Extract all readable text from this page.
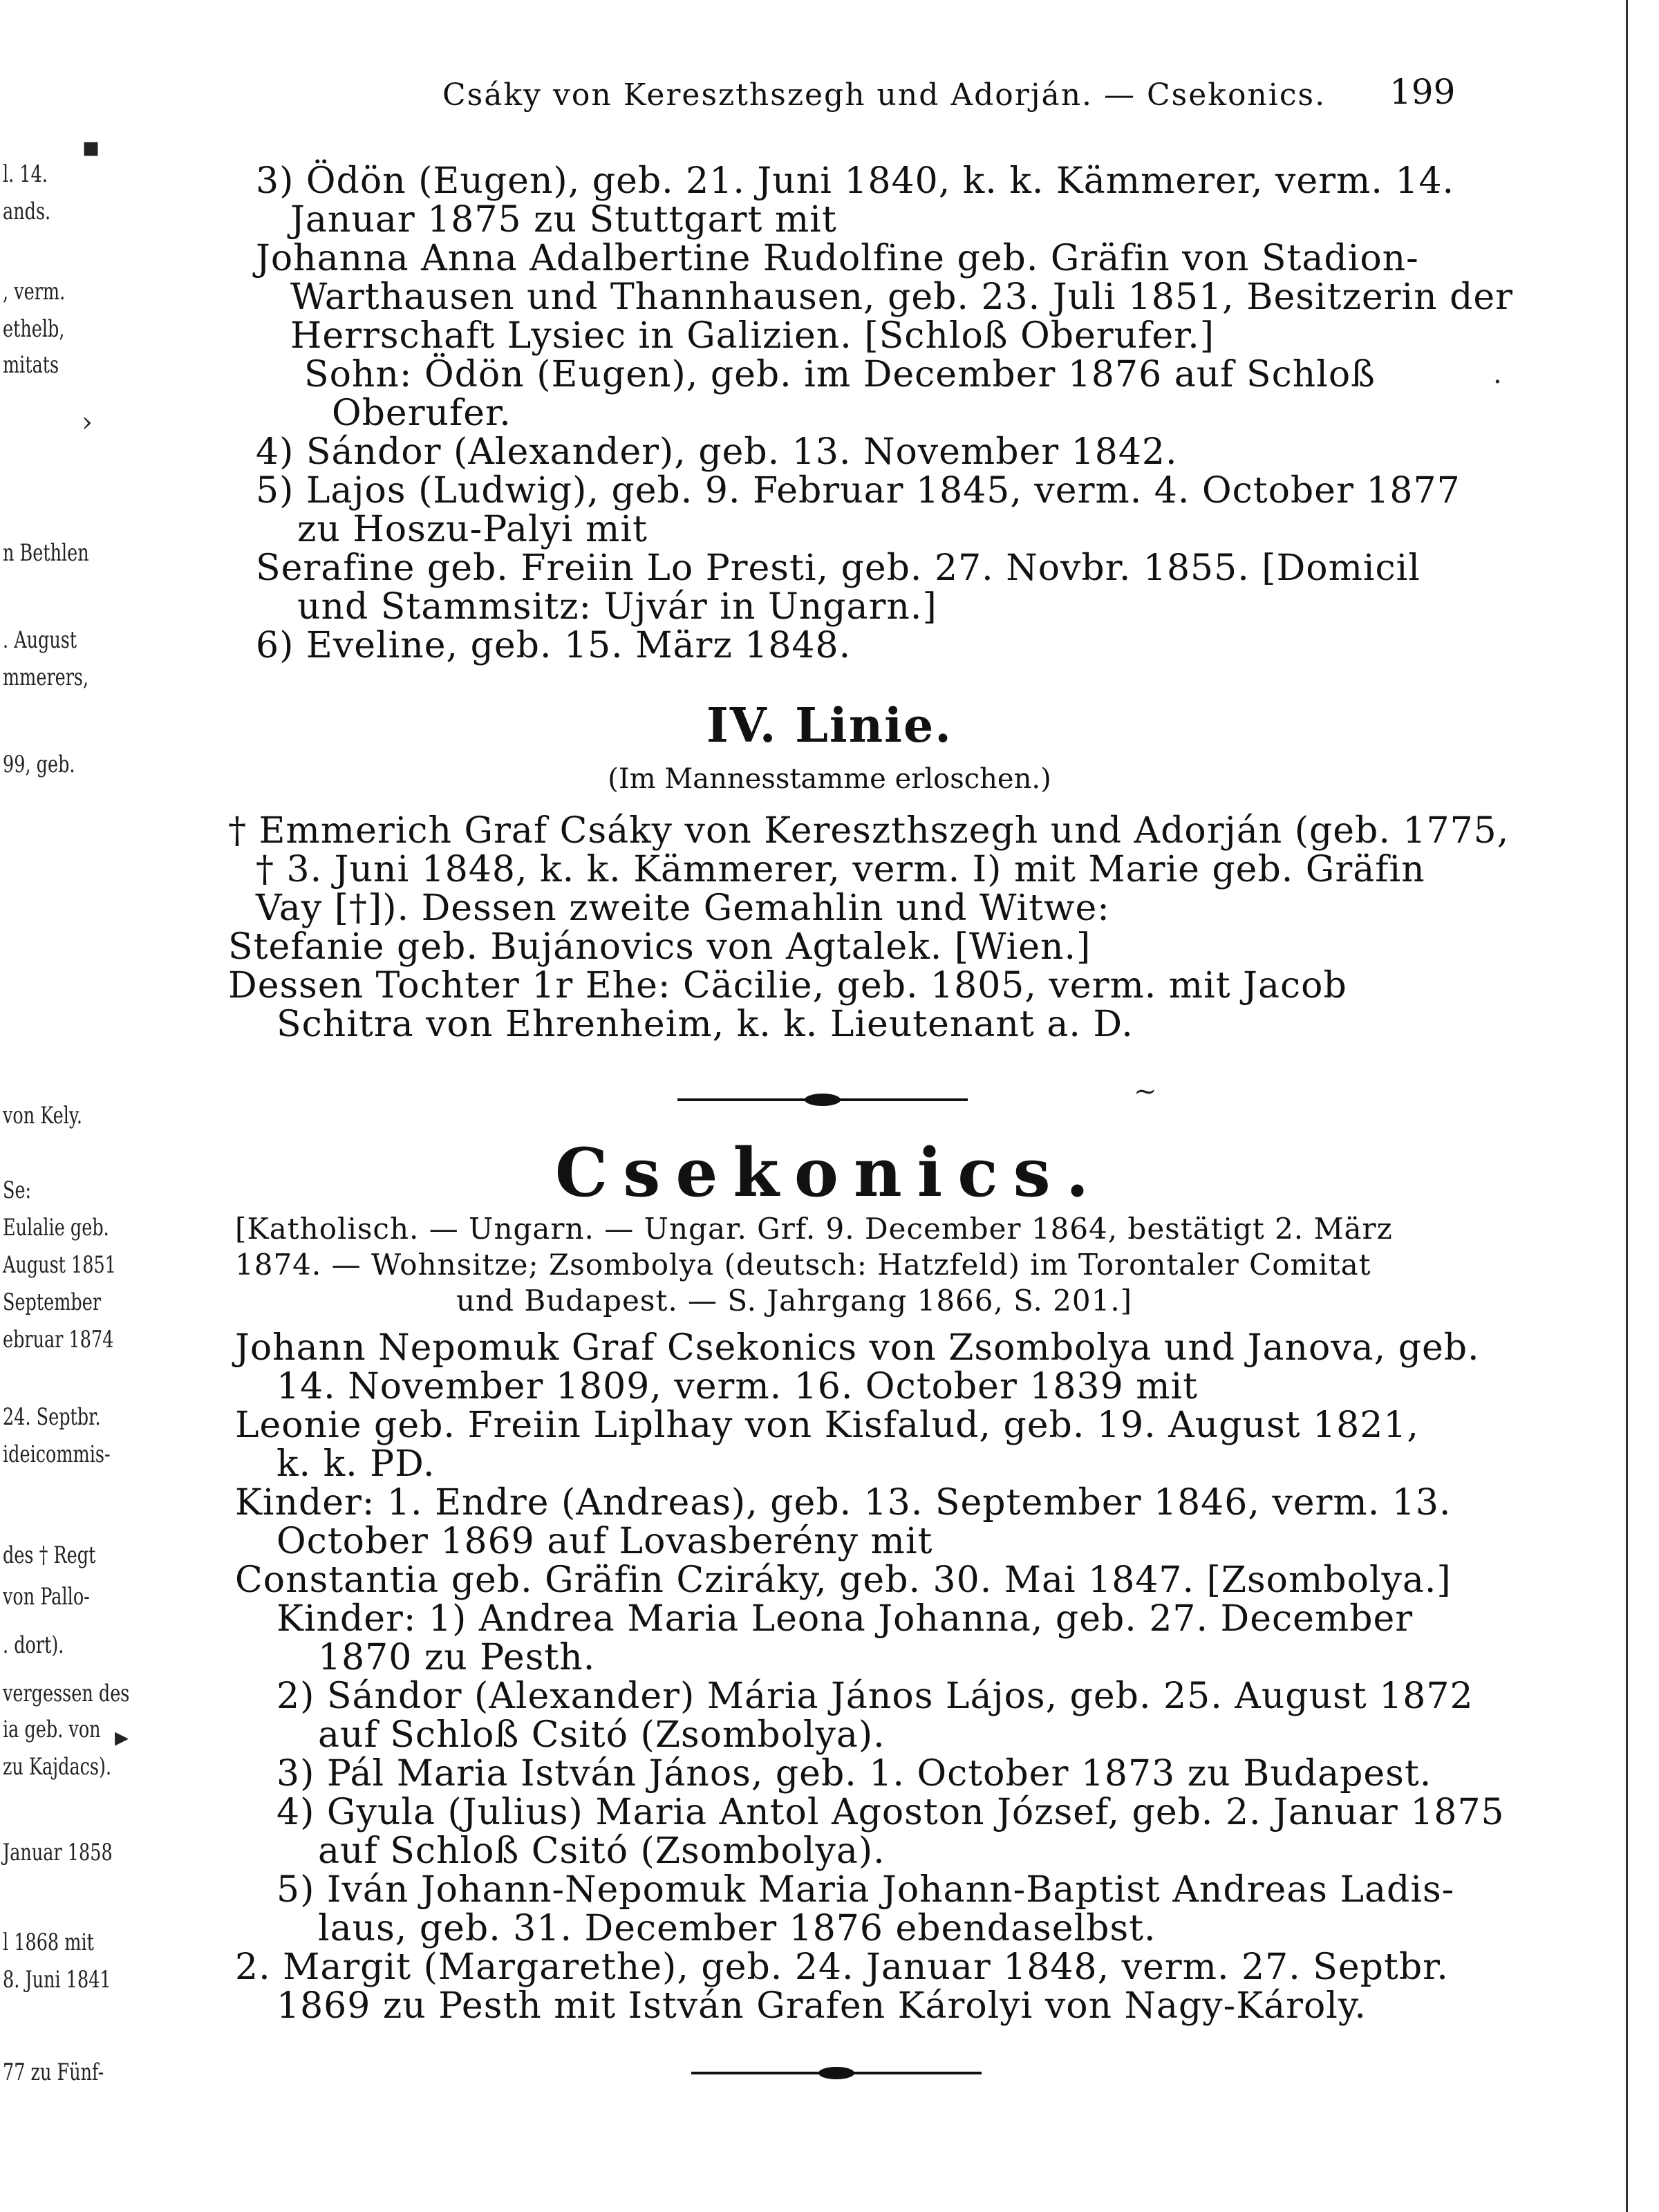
l. 14.
ands.
, verm.
ethelb,
mitats
n Bethlen
. August
mmerers,
99, geb.
von Kely.
Se:
Eulalie geb.
August 1851
September
ebruar 1874
24. Septbr.
ideicommis-
des † Regt
von Pallo-
. dort).
vergessen des
ia geb. von
zu Kajdacs).
Januar 1858
l 1868 mit
8. Juni 1841
77 zu Fünf-
▪
›
▸
·
Csáky von Kereszthszegh und Adorján. — Csekonics. 199
3) Ödön (Eugen), geb. 21. Juni 1840, k. k. Kämmerer, verm. 14.
Januar 1875 zu Stuttgart mit
Johanna Anna Adalbertine Rudolfine geb. Gräfin von Stadion-
Warthausen und Thannhausen, geb. 23. Juli 1851, Besitzerin der
Herrschaft Lysiec in Galizien. [Schloß Oberufer.]
Sohn: Ödön (Eugen), geb. im December 1876 auf Schloß
Oberufer.
4) Sándor (Alexander), geb. 13. November 1842.
5) Lajos (Ludwig), geb. 9. Februar 1845, verm. 4. October 1877
zu Hoszu-Palyi mit
Serafine geb. Freiin Lo Presti, geb. 27. Novbr. 1855. [Domicil
und Stammsitz: Ujvár in Ungarn.]
6) Eveline, geb. 15. März 1848.
IV. Linie.
(Im Mannesstamme erloschen.)
† Emmerich Graf Csáky von Kereszthszegh und Adorján (geb. 1775,
† 3. Juni 1848, k. k. Kämmerer, verm. I) mit Marie geb. Gräfin
Vay [†]). Dessen zweite Gemahlin und Witwe:
Stefanie geb. Bujánovics von Agtalek. [Wien.]
Dessen Tochter 1r Ehe: Cäcilie, geb. 1805, verm. mit Jacob
Schitra von Ehrenheim, k. k. Lieutenant a. D.
~
Csekonics.
[Katholisch. — Ungarn. — Ungar. Grf. 9. December 1864, bestätigt 2. März
1874. — Wohnsitze; Zsombolya (deutsch: Hatzfeld) im Torontaler Comitat
und Budapest. — S. Jahrgang 1866, S. 201.]
Johann Nepomuk Graf Csekonics von Zsombolya und Janova, geb.
14. November 1809, verm. 16. October 1839 mit
Leonie geb. Freiin Liplhay von Kisfalud, geb. 19. August 1821,
k. k. PD.
Kinder: 1. Endre (Andreas), geb. 13. September 1846, verm. 13.
October 1869 auf Lovasberény mit
Constantia geb. Gräfin Cziráky, geb. 30. Mai 1847. [Zsombolya.]
Kinder: 1) Andrea Maria Leona Johanna, geb. 27. December
1870 zu Pesth.
2) Sándor (Alexander) Mária János Lájos, geb. 25. August 1872
auf Schloß Csitó (Zsombolya).
3) Pál Maria István János, geb. 1. October 1873 zu Budapest.
4) Gyula (Julius) Maria Antol Agoston József, geb. 2. Januar 1875
auf Schloß Csitó (Zsombolya).
5) Iván Johann-Nepomuk Maria Johann-Baptist Andreas Ladis-
laus, geb. 31. December 1876 ebendaselbst.
2. Margit (Margarethe), geb. 24. Januar 1848, verm. 27. Septbr.
1869 zu Pesth mit István Grafen Károlyi von Nagy-Károly.
